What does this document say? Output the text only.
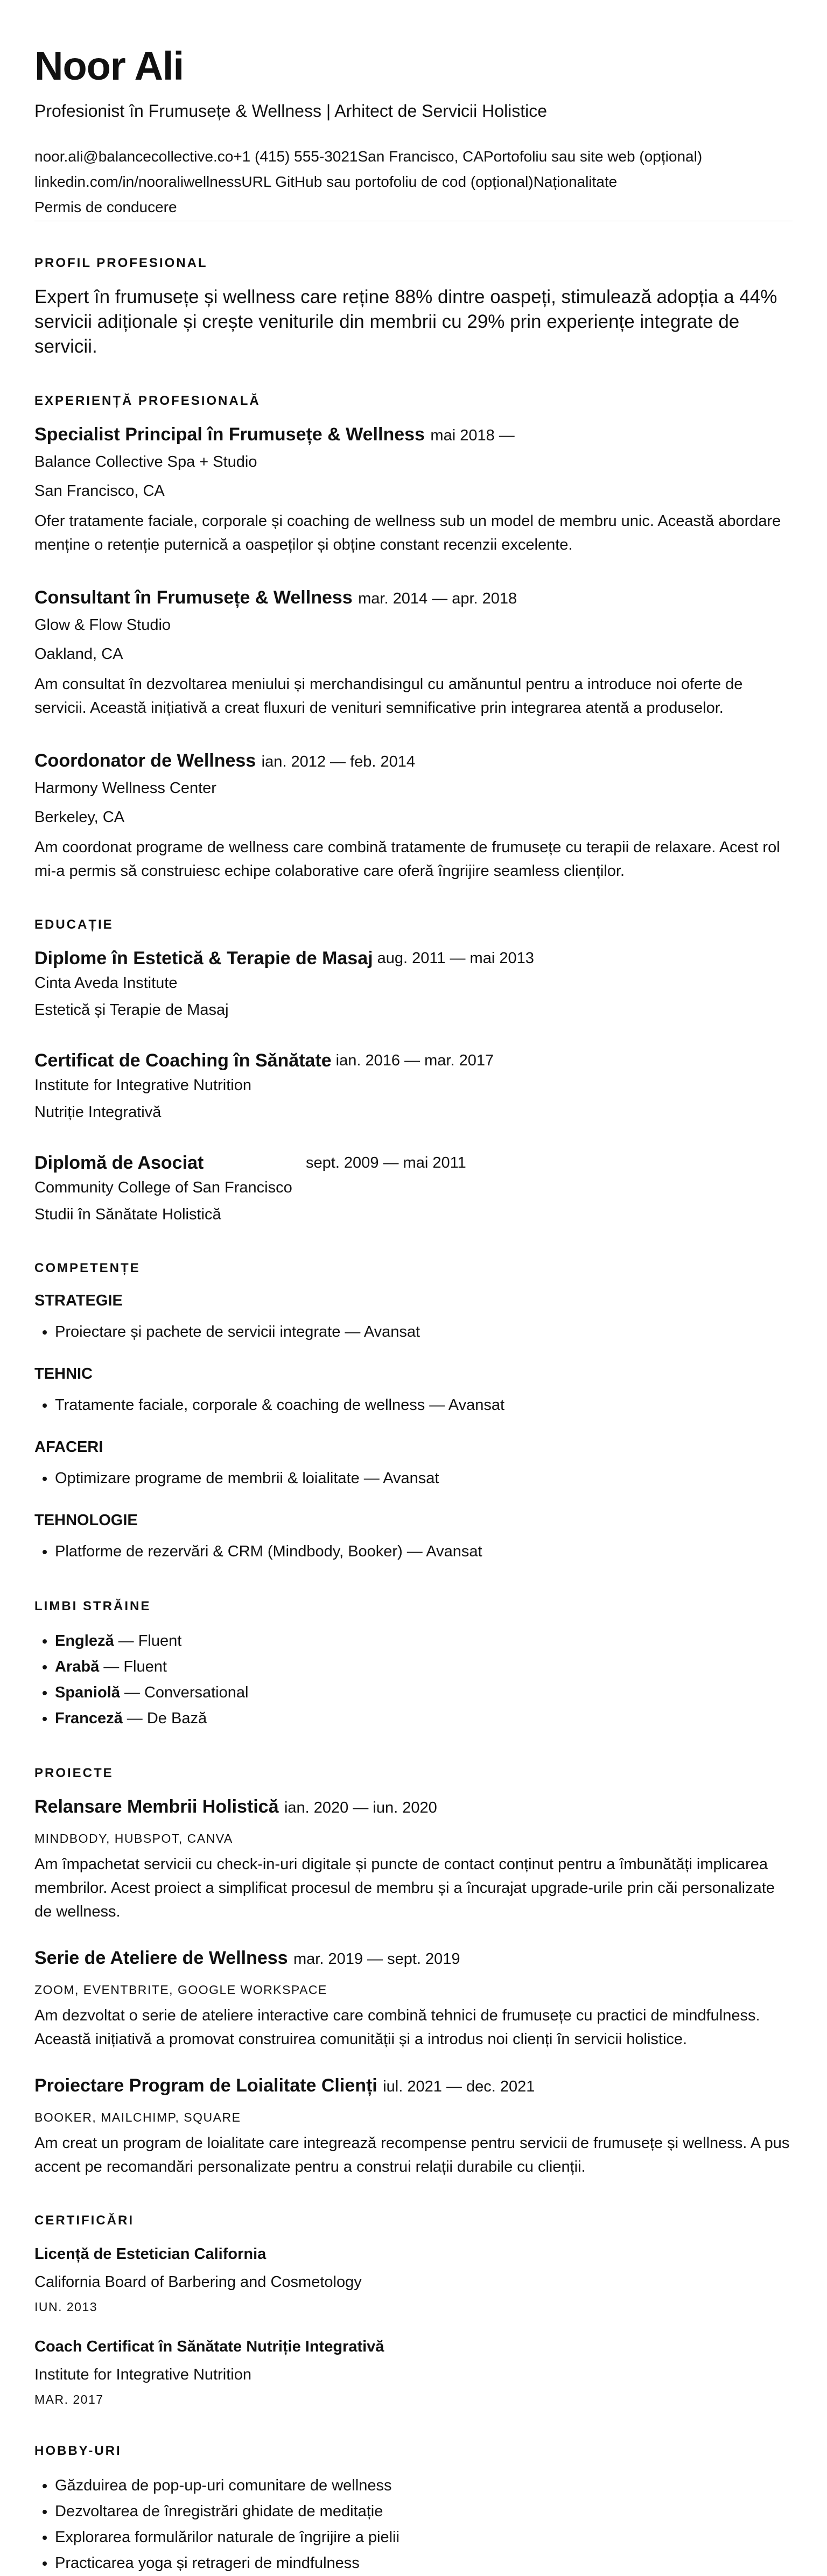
Noor Ali
Profesionist în Frumusețe & Wellness | Arhitect de Servicii Holistice
noor.ali@balancecollective.co+1 (415) 555-3021San Francisco, CAPortofoliu sau site web (opțional)
linkedin.com/in/nooraliwellnessURL GitHub sau portofoliu de cod (opțional)Naționalitate
Permis de conducere
PROFIL PROFESIONAL

Expert în frumusețe și wellness care reține 88% dintre oaspeți, stimulează adopția a 44% servicii adiționale și crește veniturile din membrii cu 29% prin experiențe integrate de servicii.

EXPERIENȚĂ PROFESIONALĂ
Specialist Principal în Frumusețe & Wellness mai 2018 —
Balance Collective Spa + Studio
San Francisco, CA
Ofer tratamente faciale, corporale și coaching de wellness sub un model de membru unic. Această abordare menține o retenție puternică a oaspeților și obține constant recenzii excelente.
Consultant în Frumusețe & Wellness mar. 2014 — apr. 2018
Glow & Flow Studio
Oakland, CA
Am consultat în dezvoltarea meniului și merchandisingul cu amănuntul pentru a introduce noi oferte de servicii. Această inițiativă a creat fluxuri de venituri semnificative prin integrarea atentă a produselor.
Coordonator de Wellness ian. 2012 — feb. 2014
Harmony Wellness Center
Berkeley, CA
Am coordonat programe de wellness care combină tratamente de frumusețe cu terapii de relaxare. Acest rol mi-a permis să construiesc echipe colaborative care oferă îngrijire seamless clienților.
EDUCAȚIE
Diplome în Estetică & Terapie de Masaj aug. 2011 — mai 2013
Cinta Aveda Institute
Estetică și Terapie de Masaj
Certificat de Coaching în Sănătate ian. 2016 — mar. 2017
Institute for Integrative Nutrition
Nutriție Integrativă
Diplomă de Asociat	sept. 2009 — mai 2011
Community College of San Francisco
Studii în Sănătate Holistică
COMPETENȚE
STRATEGIE
• Proiectare și pachete de servicii integrate — Avansat
TEHNIC
• Tratamente faciale, corporale & coaching de wellness — Avansat
AFACERI
• Optimizare programe de membrii & loialitate — Avansat
TEHNOLOGIE
• Platforme de rezervări & CRM (Mindbody, Booker) — Avansat
LIMBI STRĂINE
• Engleză — Fluent
• Arabă — Fluent
• Spaniolă — Conversational
• Franceză — De Bază
PROIECTE
Relansare Membrii Holistică ian. 2020 — iun. 2020
MINDBODY, HUBSPOT, CANVA
Am împachetat servicii cu check-in-uri digitale și puncte de contact conținut pentru a îmbunătăți implicarea membrilor. Acest proiect a simplificat procesul de membru și a încurajat upgrade-urile prin căi personalizate de wellness.
Serie de Ateliere de Wellness mar. 2019 — sept. 2019
ZOOM, EVENTBRITE, GOOGLE WORKSPACE
Am dezvoltat o serie de ateliere interactive care combină tehnici de frumusețe cu practici de mindfulness. Această inițiativă a promovat construirea comunității și a introdus noi clienți în servicii holistice.
Proiectare Program de Loialitate Clienți iul. 2021 — dec. 2021
BOOKER, MAILCHIMP, SQUARE
Am creat un program de loialitate care integrează recompense pentru servicii de frumusețe și wellness. A pus accent pe recomandări personalizate pentru a construi relații durabile cu clienții.
CERTIFICĂRI
Licență de Estetician California
California Board of Barbering and Cosmetology
IUN. 2013
Coach Certificat în Sănătate Nutriție Integrativă
Institute for Integrative Nutrition
MAR. 2017
HOBBY-URI
• Găzduirea de pop-up-uri comunitare de wellness
• Dezvoltarea de înregistrări ghidate de meditație
• Explorarea formulărilor naturale de îngrijire a pielii
• Practicarea yoga și retrageri de mindfulness
